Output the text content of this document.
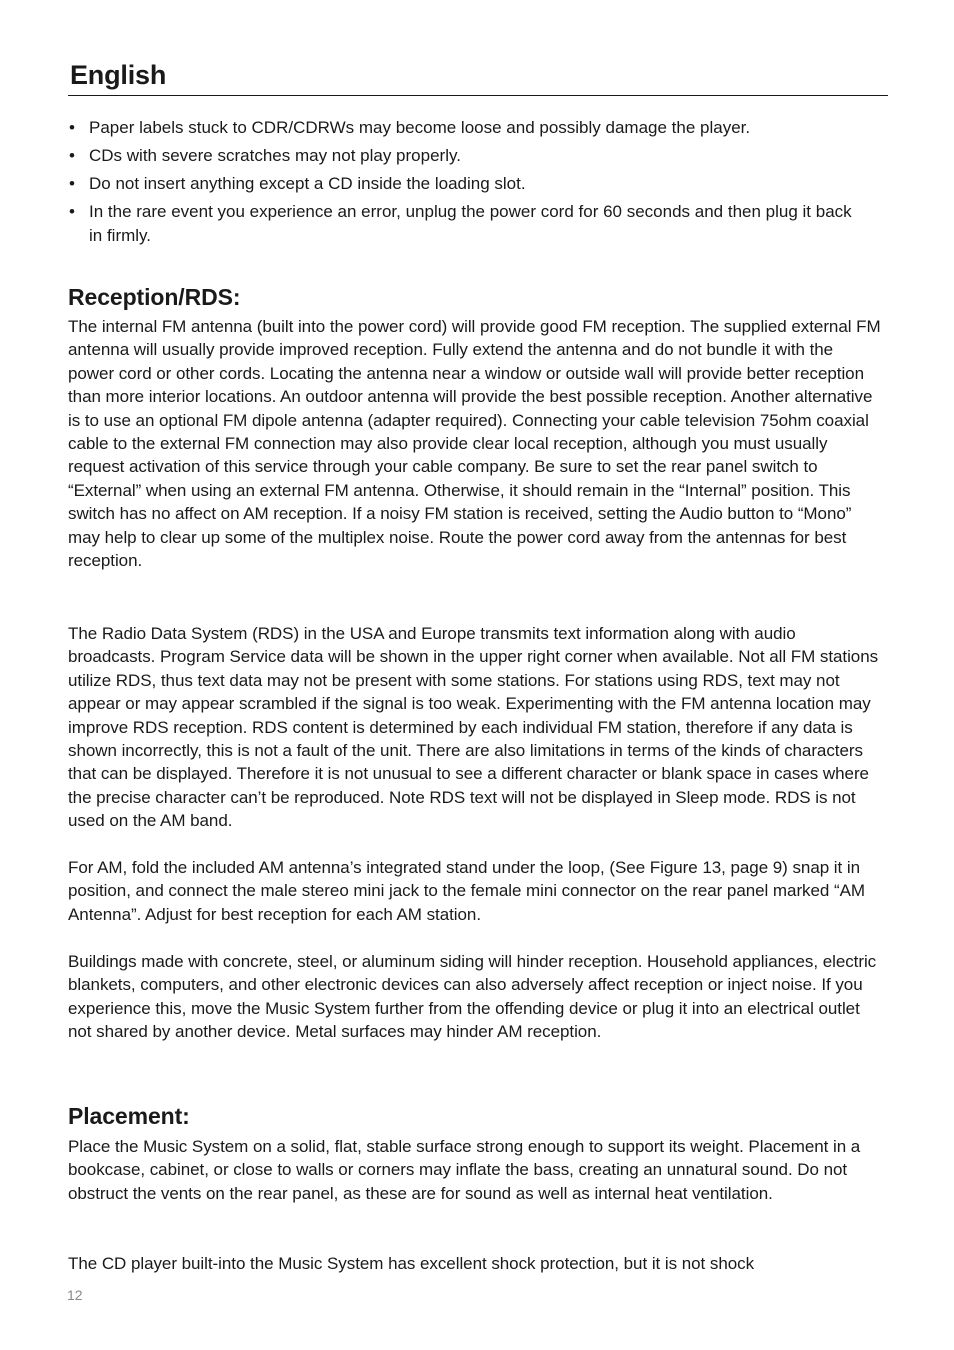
English
• Paper labels stuck to CDR/CDRWs may become loose and possibly damage the player.
• CDs with severe scratches may not play properly.
• Do not insert anything except a CD inside the loading slot.
• In the rare event you experience an error, unplug the power cord for 60 seconds and then plug it back in firmly.
Reception/RDS:

The internal FM antenna (built into the power cord) will provide good FM reception. The supplied external FM antenna will usually provide improved reception. Fully extend the antenna and do not bundle it with the power cord or other cords. Locating the antenna near a window or outside wall will provide better reception than more interior locations. An outdoor antenna will provide the best possible reception. Another alternative is to use an optional FM dipole antenna (adapter required). Connecting your cable television 75ohm coaxial cable to the external FM connection may also provide clear local reception, although you must usually request activation of this service through your cable company. Be sure to set the rear panel switch to “External” when using an external FM antenna. Otherwise, it should remain in the “Internal” position. This switch has no affect on AM reception. If a noisy FM station is received, setting the Audio button to “Mono” may help to clear up some of the multiplex noise. Route the power cord away from the antennas for best reception.

The Radio Data System (RDS) in the USA and Europe transmits text information along with audio broadcasts. Program Service data will be shown in the upper right corner when available. Not all FM stations utilize RDS, thus text data may not be present with some stations. For stations using RDS, text may not appear or may appear scrambled if the signal is too weak. Experimenting with the FM antenna location may improve RDS reception. RDS content is determined by each individual FM station, therefore if any data is shown incorrectly, this is not a fault of the unit. There are also limitations in terms of the kinds of characters that can be displayed. Therefore it is not unusual to see a different character or blank space in cases where the precise character can’t be reproduced. Note RDS text will not be displayed in Sleep mode. RDS is not used on the AM band.

For AM, fold the included AM antenna’s integrated stand under the loop, (See Figure 13, page 9) snap it in position, and connect the male stereo mini jack to the female mini connector on the rear panel marked “AM Antenna”. Adjust for best reception for each AM station.

Buildings made with concrete, steel, or aluminum siding will hinder reception. Household appliances, electric blankets, computers, and other electronic devices can also adversely affect reception or inject noise. If you experience this, move the Music System further from the offending device or plug it into an electrical outlet not shared by another device. Metal surfaces may hinder AM reception.

Placement:

Place the Music System on a solid, flat, stable surface strong enough to support its weight. Placement in a bookcase, cabinet, or close to walls or corners may inflate the bass, creating an unnatural sound. Do not obstruct the vents on the rear panel, as these are for sound as well as internal heat ventilation.

The CD player built-into the Music System has excellent shock protection, but it is not shock

12
